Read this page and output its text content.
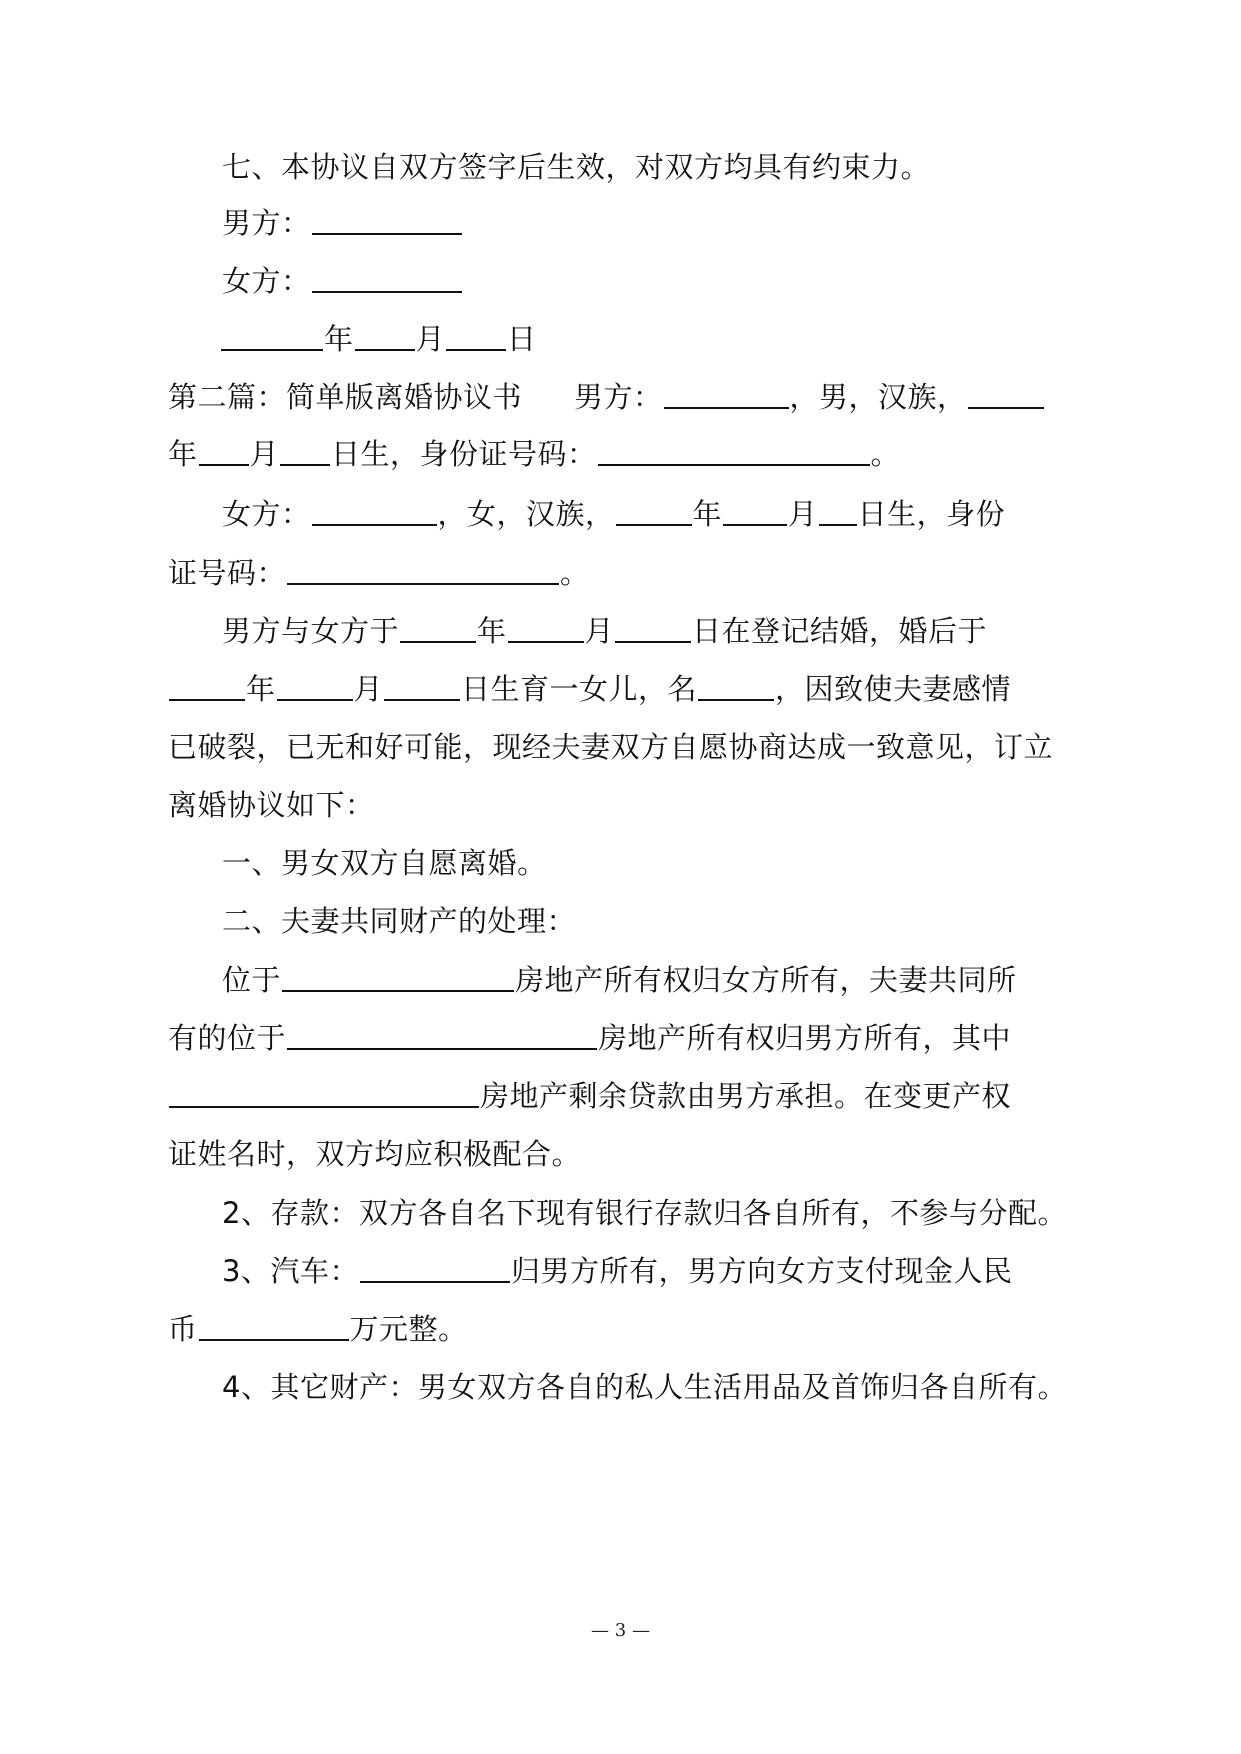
七、本协议自双方签字后生效，对双方均具有约束力。
男方：
女方：
年 月 日
第二篇：简单版离婚协议书 男方：	，男，汉族，
年 月 日生，身份证号码：	。
女方：	，女，汉族，	年 月 日生，身份
证号码：	。
男方与女方于	年	月	日在登记结婚，婚后于
年	月	日生育一女儿，名	，因致使夫妻感情
已破裂，已无和好可能，现经夫妻双方自愿协商达成一致意见，订立
离婚协议如下：
一、男女双方自愿离婚。
二、夫妻共同财产的处理：
位于	房地产所有权归女方所有，夫妻共同所
有的位于	房地产所有权归男方所有，其中
房地产剩余贷款由男方承担。在变更产权
证姓名时，双方均应积极配合。
2、存款：双方各自名下现有银行存款归各自所有，不参与分配。
3、汽车：	归男方所有，男方向女方支付现金人民
币	万元整。
4、其它财产：男女双方各自的私人生活用品及首饰归各自所有。
— 3 —
